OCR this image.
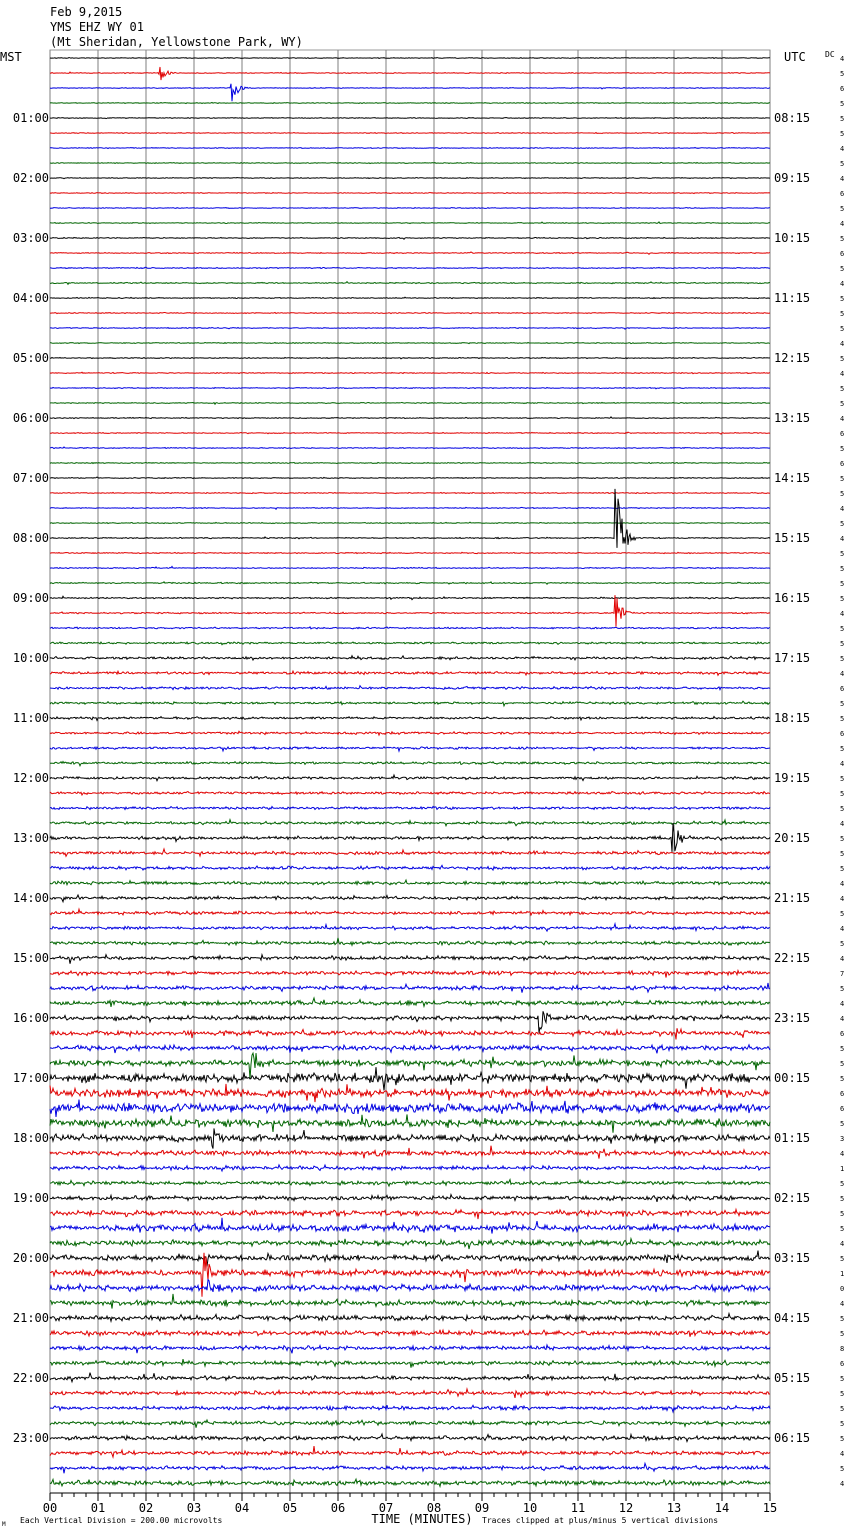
Feb 9,2015
YMS EHZ WY 01
(Mt Sheridan, Yellowstone Park, WY)
MST	UTC DC
01:00
02:00
03:00
04:00
05:00
06:00
07:00
08:00
09:00
10:00
11:00
12:00
13:00
14:00
15:00
16:00
17:00
18:00
19:00
20:00
21:00
22:00
23:00
08:15
09:15
10:15
11:15
12:15
13:15
14:15
15:15
16:15
17:15
18:15
19:15
20:15
21:15
22:15
23:15
00:15
01:15
02:15
03:15
04:15
05:15
06:15
4
5
6
5
5
5
4
5
4
6
5
4
5
6
5
4
5
5
5
4
5
4
5
5
4
6
5
6
5
5
4
5
4
5
5
5
5
4
5
5
5
4
6
5
5
6
5
4
5
5
5
4
5
5
5
4
4
5
4
5
4
7
5
4
4
6
5
5
5
6
6
5
3
4
1
5
5
5
5
4
5
1
0
4
5
5
8
6
5
5
5
5
5
4
5
4
00	01	02	03	04	05	06	07	08	09	10	11	12	13	14	15
TIME (MINUTES)
Each Vertical Division = 200.00 microvolts	Traces clipped at plus/minus 5 vertical divisions
M
